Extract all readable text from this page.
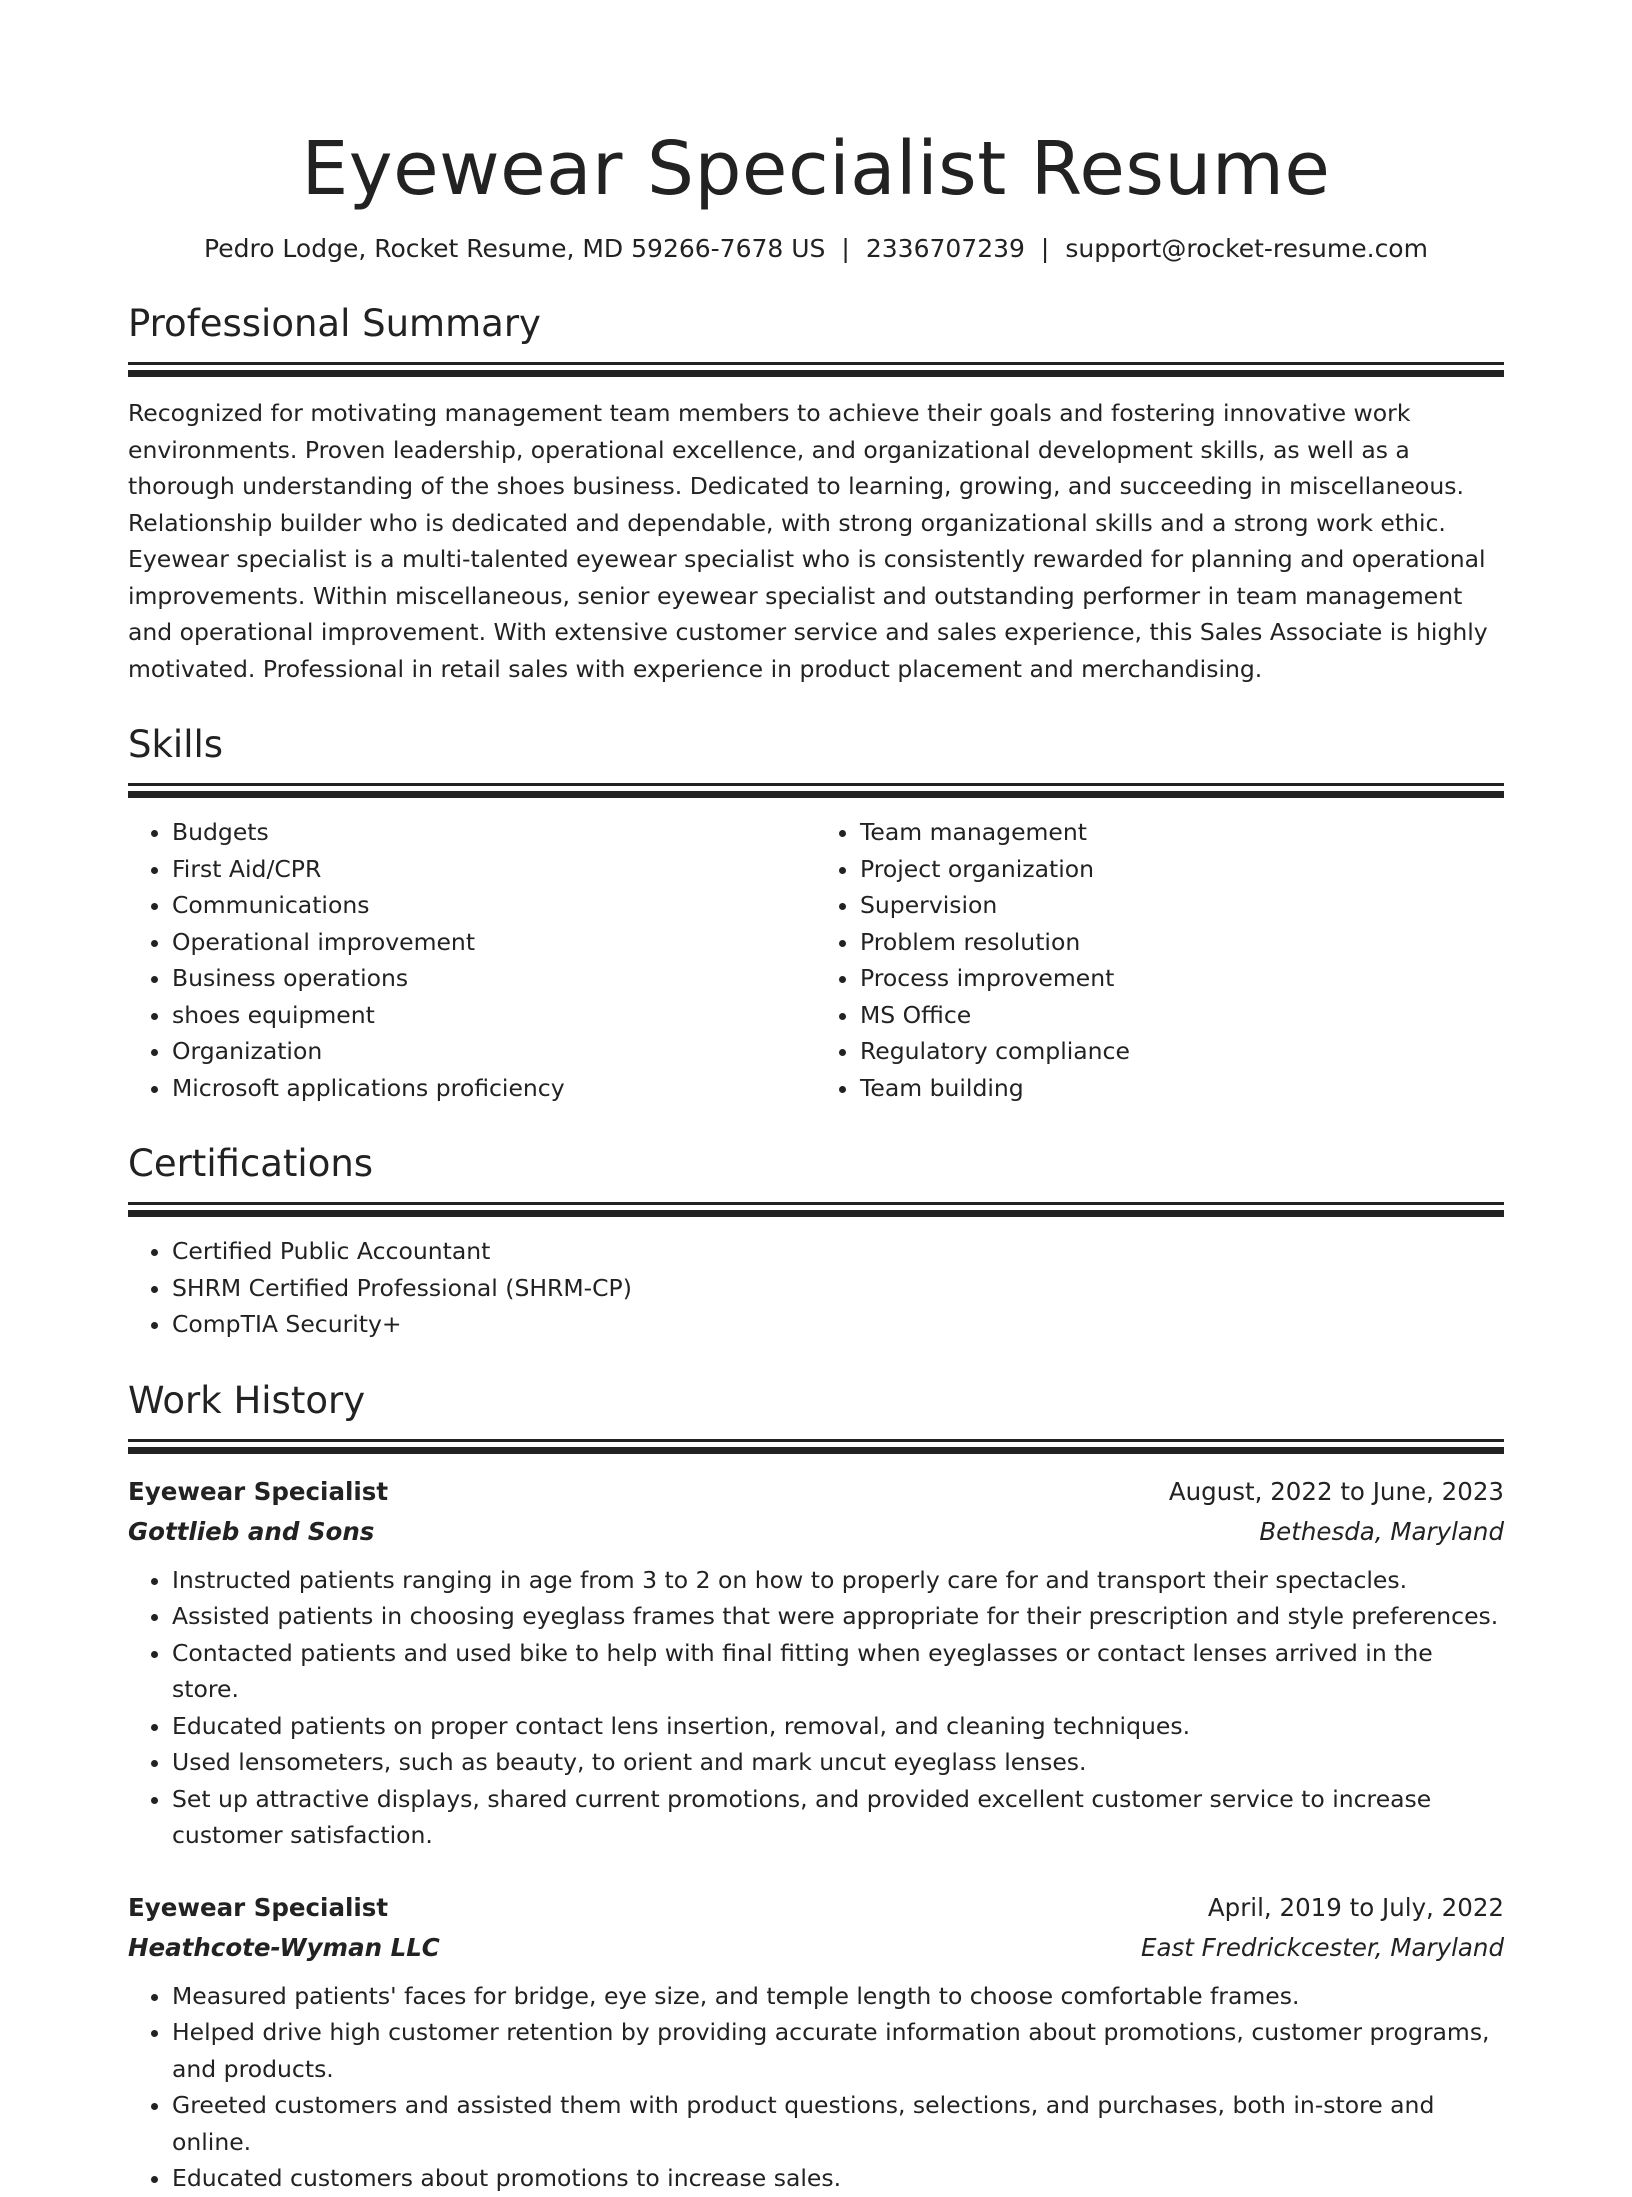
Eyewear Specialist Resume
Pedro Lodge, Rocket Resume, MD 59266-7678 US | 2336707239 | support@rocket-resume.com
Professional Summary
Recognized for motivating management team members to achieve their goals and fostering innovative work environments. Proven leadership, operational excellence, and organizational development skills, as well as a thorough understanding of the shoes business. Dedicated to learning, growing, and succeeding in miscellaneous. Relationship builder who is dedicated and dependable, with strong organizational skills and a strong work ethic. Eyewear specialist is a multi-talented eyewear specialist who is consistently rewarded for planning and operational improvements. Within miscellaneous, senior eyewear specialist and outstanding performer in team management and operational improvement. With extensive customer service and sales experience, this Sales Associate is highly motivated. Professional in retail sales with experience in product placement and merchandising.
Skills
• Budgets
• First Aid/CPR
• Communications
• Operational improvement
• Business operations
• shoes equipment
• Organization
• Microsoft applications proficiency
• Team management
• Project organization
• Supervision
• Problem resolution
• Process improvement
• MS Office
• Regulatory compliance
• Team building
Certifications
• Certified Public Accountant
• SHRM Certified Professional (SHRM-CP)
• CompTIA Security+
Work History
Eyewear Specialist	August, 2022 to June, 2023
Gottlieb and Sons	Bethesda, Maryland
• Instructed patients ranging in age from 3 to 2 on how to properly care for and transport their spectacles.
• Assisted patients in choosing eyeglass frames that were appropriate for their prescription and style preferences.
• Contacted patients and used bike to help with final fitting when eyeglasses or contact lenses arrived in the store.
• Educated patients on proper contact lens insertion, removal, and cleaning techniques.
• Used lensometers, such as beauty, to orient and mark uncut eyeglass lenses.
• Set up attractive displays, shared current promotions, and provided excellent customer service to increase customer satisfaction.
Eyewear Specialist	April, 2019 to July, 2022
Heathcote-Wyman LLC	East Fredrickcester, Maryland
• Measured patients' faces for bridge, eye size, and temple length to choose comfortable frames.
• Helped drive high customer retention by providing accurate information about promotions, customer programs, and products.
• Greeted customers and assisted them with product questions, selections, and purchases, both in-store and online.
• Educated customers about promotions to increase sales.
